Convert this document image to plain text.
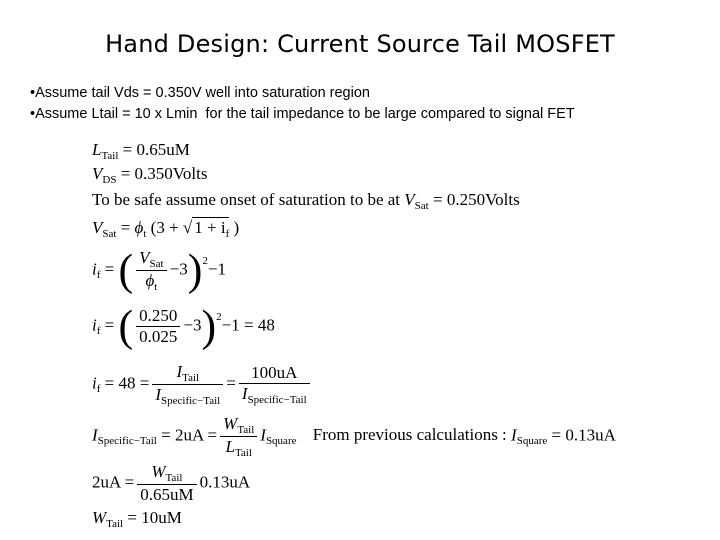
Hand Design: Current Source Tail MOSFET
•Assume tail Vds = 0.350V well into saturation region
•Assume Ltail = 10 x Lmin  for the tail impedance to be large compared to signal FET
$L_{Tail} = 0.65uM$
$V_{DS}$ = 0.350Volts
To be safe assume onset of saturation to be at $V_{Sat}$ = 0.250Volts
$V_{Sat} = \phi_t$ (3 + √ $1 + i_f$ )
$i_f$ = ( $\frac{V_{Sat}}{\phi_t} -3)^2-1$
$i_f$ = ( $\frac{0.250}{0.025} -3)^2-1 = 48$
$i_f = 48 = \frac{I_{Tail}}{I_{Specific-Tail}} = \frac{100uA}{I_{Specific-Tail}}$
$I_{Specific-Tail} = 2uA = \frac{W_{Tail}}{L_{Tail}} I_{Square}$ From previous calculations : $I_{Square} = 0.13uA$
$2uA = \frac{W_{Tail}}{0.65uM} 0.13uA$
$W_{Tail} = 10uM$
